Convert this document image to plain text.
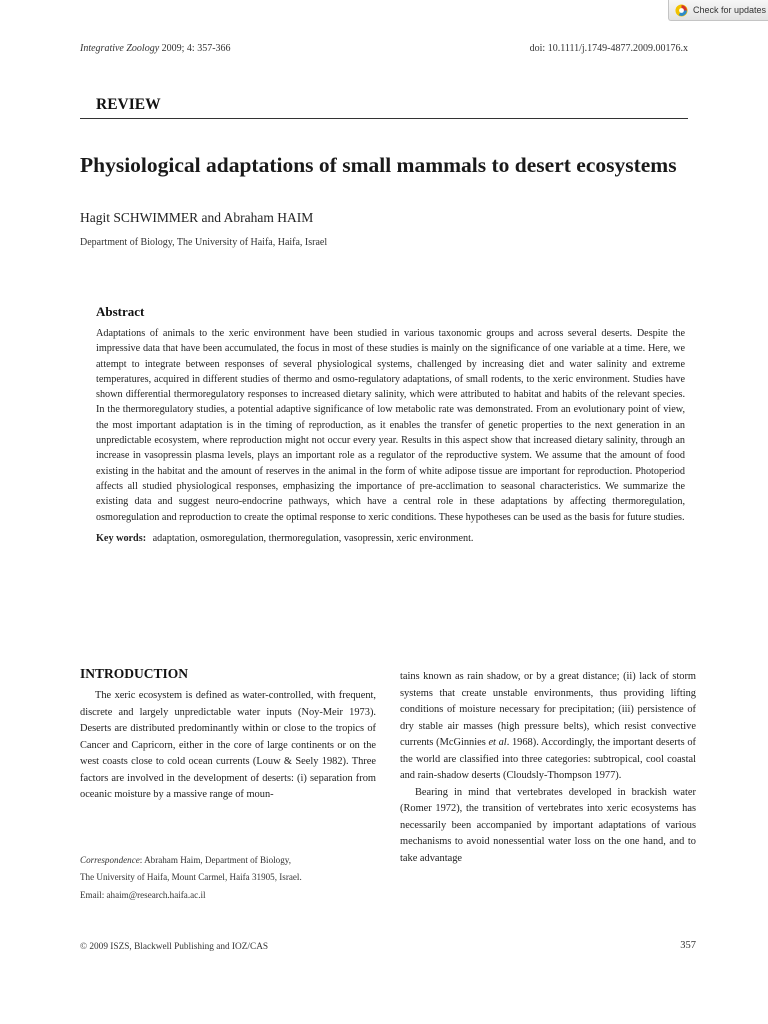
Check for updates
Integrative Zoology 2009; 4: 357-366	doi: 10.1111/j.1749-4877.2009.00176.x
REVIEW
Physiological adaptations of small mammals to desert ecosystems
Hagit SCHWIMMER and Abraham HAIM
Department of Biology, The University of Haifa, Haifa, Israel
Abstract

Adaptations of animals to the xeric environment have been studied in various taxonomic groups and across several deserts. Despite the impressive data that have been accumulated, the focus in most of these studies is mainly on the significance of one variable at a time. Here, we attempt to integrate between responses of several physiological systems, challenged by increasing diet and water salinity and extreme temperatures, acquired in different studies of thermo and osmo-regulatory adaptations, of small rodents, to the xeric environment. Studies have shown differential thermoregulatory responses to increased dietary salinity, which were attributed to habitat and habits of the relevant species. In the thermoregulatory studies, a potential adaptive significance of low metabolic rate was demonstrated. From an evolutionary point of view, the most important adaptation is in the timing of reproduction, as it enables the transfer of genetic properties to the next generation in an unpredictable ecosystem, where reproduction might not occur every year. Results in this aspect show that increased dietary salinity, through an increase in vasopressin plasma levels, plays an important role as a regulator of the reproductive system. We assume that the amount of food existing in the habitat and the amount of reserves in the animal in the form of white adipose tissue are important for reproduction. Photoperiod affects all studied physiological responses, emphasizing the importance of pre-acclimation to seasonal characteristics. We summarize the existing data and suggest neuro-endocrine pathways, which have a central role in these adaptations by affecting thermoregulation, osmoregulation and reproduction to create the optimal response to xeric conditions. These hypotheses can be used as the basis for future studies.

Key words: adaptation, osmoregulation, thermoregulation, vasopressin, xeric environment.
INTRODUCTION

The xeric ecosystem is defined as water-controlled, with frequent, discrete and largely unpredictable water inputs (Noy-Meir 1973). Deserts are distributed predominantly within or close to the tropics of Cancer and Capricorn, either in the core of large continents or on the west coasts close to cold ocean currents (Louw & Seely 1982). Three factors are involved in the development of deserts: (i) separation from oceanic moisture by a massive range of moun-

tains known as rain shadow, or by a great distance; (ii) lack of storm systems that create unstable environments, thus providing lifting conditions of moisture necessary for precipitation; (iii) persistence of dry stable air masses (high pressure belts), which resist convective currents (McGinnies et al. 1968). Accordingly, the important deserts of the world are classified into three categories: subtropical, cool coastal and rain-shadow deserts (Cloudsly-Thompson 1977).

Bearing in mind that vertebrates developed in brackish water (Romer 1972), the transition of vertebrates into xeric ecosystems has necessarily been accompanied by important adaptations of various mechanisms to avoid nonessential water loss on the one hand, and to take advantage

Correspondence: Abraham Haim, Department of Biology,
The University of Haifa, Mount Carmel, Haifa 31905, Israel.
Email: ahaim@research.haifa.ac.il
© 2009 ISZS, Blackwell Publishing and IOZ/CAS	357
